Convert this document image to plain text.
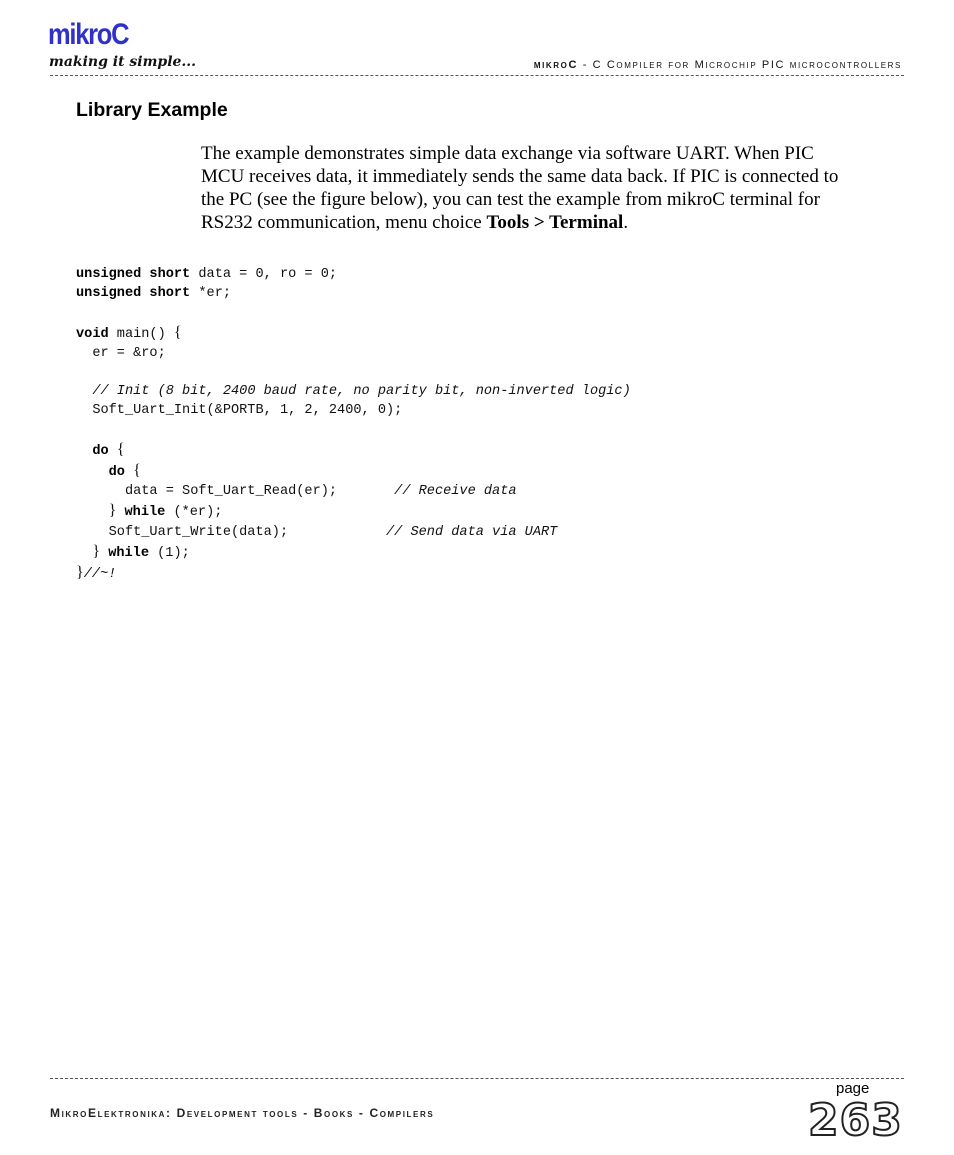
mikroC
making it simple...	mikroC - C Compiler for Microchip PIC microcontrollers
Library Example

The example demonstrates simple data exchange via software UART. When PIC MCU receives data, it immediately sends the same data back. If PIC is connected to the PC (see the figure below), you can test the example from mikroC terminal for RS232 communication, menu choice Tools > Terminal.

unsigned short data = 0, ro = 0;
unsigned short *er;

void main() {
er = &ro;

// Init (8 bit, 2400 baud rate, no parity bit, non-inverted logic)
Soft_Uart_Init(&PORTB, 1, 2, 2400, 0);

do {
do {
data = Soft_Uart_Read(er);       // Receive data
} while (*er);
Soft_Uart_Write(data);            // Send data via UART
} while (1);
}//~!
MikroElektronika: Development tools - Books - Compilers
page
263
